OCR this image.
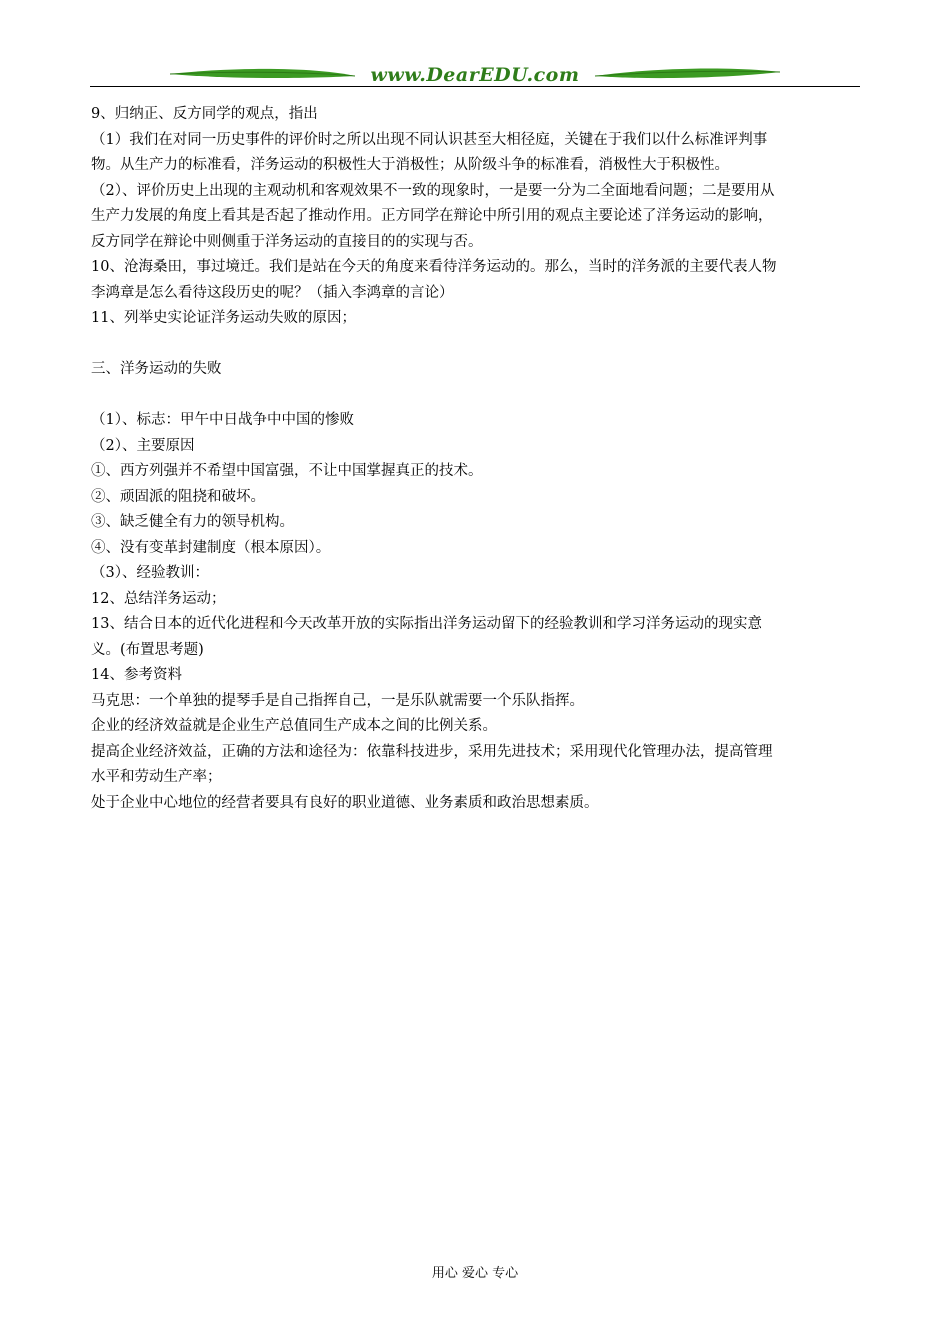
www.DearEDU.com

9、归纳正、反方同学的观点，指出

（1）我们在对同一历史事件的评价时之所以出现不同认识甚至大相径庭，关键在于我们以什么标准评判事

物。从生产力的标准看，洋务运动的积极性大于消极性；从阶级斗争的标准看，消极性大于积极性。

（2）、评价历史上出现的主观动机和客观效果不一致的现象时，一是要一分为二全面地看问题；二是要用从

生产力发展的角度上看其是否起了推动作用。正方同学在辩论中所引用的观点主要论述了洋务运动的影响，

反方同学在辩论中则侧重于洋务运动的直接目的的实现与否。

10、沧海桑田，事过境迁。我们是站在今天的角度来看待洋务运动的。那么，当时的洋务派的主要代表人物

李鸿章是怎么看待这段历史的呢？（插入李鸿章的言论）

11、列举史实论证洋务运动失败的原因；

三、洋务运动的失败

（1）、标志：甲午中日战争中中国的惨败

（2）、主要原因

①、西方列强并不希望中国富强，不让中国掌握真正的技术。

②、顽固派的阻挠和破坏。

③、缺乏健全有力的领导机构。

④、没有变革封建制度（根本原因）。

（3）、经验教训：

12、总结洋务运动；

13、结合日本的近代化进程和今天改革开放的实际指出洋务运动留下的经验教训和学习洋务运动的现实意

义。(布置思考题)

14、参考资料

马克思：一个单独的提琴手是自己指挥自己，一是乐队就需要一个乐队指挥。

企业的经济效益就是企业生产总值同生产成本之间的比例关系。

提高企业经济效益，正确的方法和途径为：依靠科技进步，采用先进技术；采用现代化管理办法，提高管理

水平和劳动生产率；

处于企业中心地位的经营者要具有良好的职业道德、业务素质和政治思想素质。

用心 爱心 专心
